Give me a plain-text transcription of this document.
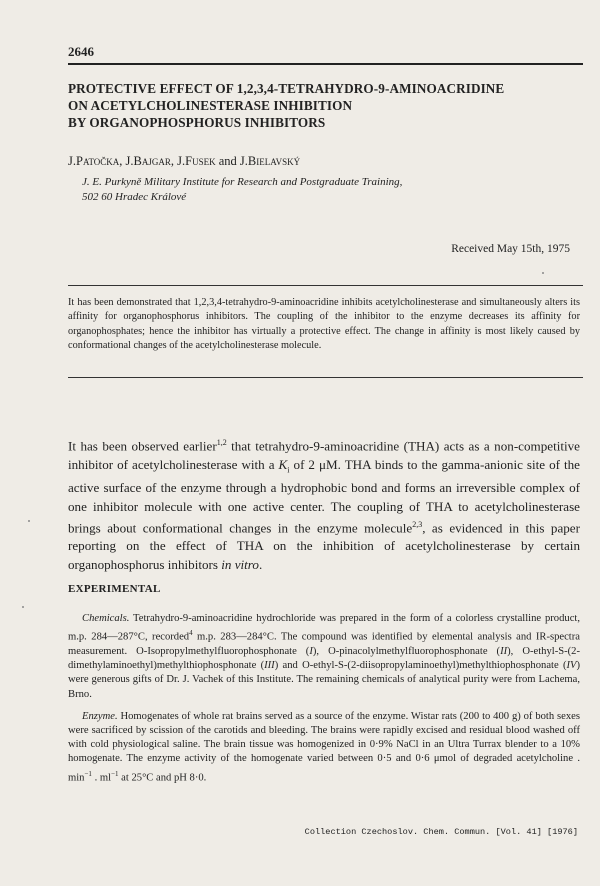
2646
PROTECTIVE EFFECT OF 1,2,3,4-TETRAHYDRO-9-AMINOACRIDINE
ON ACETYLCHOLINESTERASE INHIBITION
BY ORGANOPHOSPHORUS INHIBITORS
J.Patočka, J.Bajgar, J.Fusek and J.Bielavský
J. E. Purkyně Military Institute for Research and Postgraduate Training,
502 60 Hradec Králové
Received May 15th, 1975
It has been demonstrated that 1,2,3,4-tetrahydro-9-aminoacridine inhibits acetylcholinesterase and simultaneously alters its affinity for organophosphorus inhibitors. The coupling of the inhibitor to the enzyme decreases its affinity for organophosphates; hence the inhibitor has virtually a protective effect. The change in affinity is most likely caused by conformational changes of the acetylcholinesterase molecule.

It has been observed earlier$^{1,2}$ that tetrahydro-9-aminoacridine (THA) acts as a non-competitive inhibitor of acetylcholinesterase with a $K_i$ of 2 μM. THA binds to the gamma-anionic site of the active surface of the enzyme through a hydrophobic bond and forms an irreversible complex of one inhibitor molecule with one active center. The coupling of THA to acetylcholinesterase brings about conformational changes in the enzyme molecule$^{2,3}$, as evidenced in this paper reporting on the effect of THA on the inhibition of acetylcholinesterase by certain organophosphorus inhibitors in vitro.

EXPERIMENTAL

Chemicals. Tetrahydro-9-aminoacridine hydrochloride was prepared in the form of a colorless crystalline product, m.p. 284—287°C, recorded$^4$ m.p. 283—284°C. The compound was identified by elemental analysis and IR-spectra measurement. O-Isopropylmethylfluorophosphonate (I), O-pinacolylmethylfluorophosphonate (II), O-ethyl-S-(2-dimethylaminoethyl)methylthiophosphonate (III) and O-ethyl-S-(2-diisopropylaminoethyl)methylthiophosphonate (IV) were generous gifts of Dr. J. Vachek of this Institute. The remaining chemicals of analytical purity were from Lachema, Brno.

Enzyme. Homogenates of whole rat brains served as a source of the enzyme. Wistar rats (200 to 400 g) of both sexes were sacrificed by scission of the carotids and bleeding. The brains were rapidly excised and residual blood washed off with cold physiological saline. The brain tissue was homogenized in 0·9% NaCl in an Ultra Turrax blender to a 10% homogenate. The enzyme activity of the homogenate varied between 0·5 and 0·6 μmol of degraded acetylcholine . $\min^{-1}$ . $ml^{-1}$ at 25°C and pH 8·0.

Collection Czechoslov. Chem. Commun. [Vol. 41] [1976]
